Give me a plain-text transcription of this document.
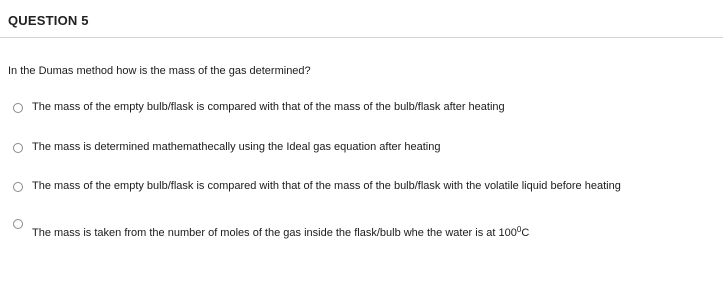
QUESTION 5
In the Dumas method how is the mass of the gas determined?
The mass of the empty bulb/flask is compared with that of the mass of the bulb/flask after heating
The mass is determined mathemathecally using the Ideal gas equation after heating
The mass of the empty bulb/flask is compared with that of the mass of the bulb/flask with the volatile liquid before heating
The mass is taken from the number of moles of the gas inside the flask/bulb whe the water is at $100^0C$
